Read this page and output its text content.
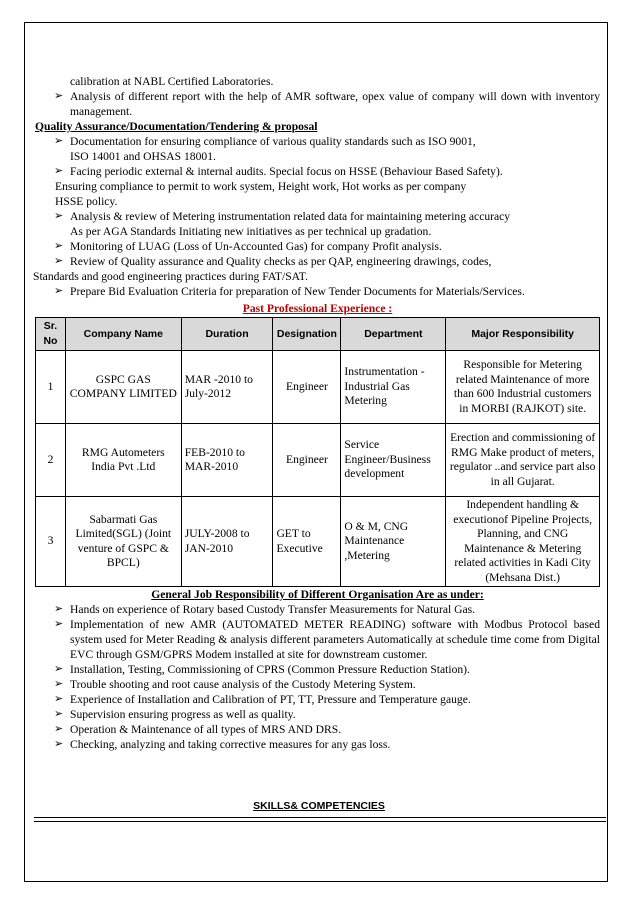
calibration at NABL Certified Laboratories.
➢ Analysis of different report with the help of AMR software, opex value of company will down with inventory management.
Quality Assurance/Documentation/Tendering & proposal
➢ Documentation for ensuring compliance of various quality standards such as ISO 9001,
ISO 14001 and OHSAS 18001.
➢ Facing periodic external & internal audits. Special focus on HSSE (Behaviour Based Safety).
Ensuring compliance to permit to work system, Height work, Hot works as per company
HSSE policy.
➢ Analysis & review of Metering instrumentation related data for maintaining metering accuracy
As per AGA Standards Initiating new initiatives as per technical up gradation.
➢ Monitoring of LUAG (Loss of Un-Accounted Gas) for company Profit analysis.
➢ Review of Quality assurance and Quality checks as per QAP, engineering drawings, codes,
Standards and good engineering practices during FAT/SAT.
➢ Prepare Bid Evaluation Criteria for preparation of New Tender Documents for Materials/Services.
Past Professional Experience :
Sr. No	Company Name	Duration	Designation	Department	Major Responsibility
1	GSPC GAS COMPANY LIMITED	MAR -2010 to July-2012	Engineer	Instrumentation - Industrial Gas Metering	Responsible for Metering related Maintenance of more than 600 Industrial customers in MORBI (RAJKOT) site.
2	RMG Autometers India Pvt .Ltd	FEB-2010 to MAR-2010	Engineer	Service Engineer/Business development	Erection and commissioning of RMG Make product of meters, regulator ..and service part also in all Gujarat.
3	Sabarmati Gas Limited(SGL) (Joint venture of GSPC & BPCL)	JULY-2008 to JAN-2010	GET to Executive	O & M, CNG Maintenance ,Metering	Independent handling & executionof Pipeline Projects, Planning, and CNG Maintenance & Metering related activities in Kadi City (Mehsana Dist.)
General Job Responsibility of Different Organisation Are as under:
➢ Hands on experience of Rotary based Custody Transfer Measurements for Natural Gas.
➢ Implementation of new AMR (AUTOMATED METER READING) software with Modbus Protocol based system used for Meter Reading & analysis different parameters Automatically at schedule time come from Digital EVC through GSM/GPRS Modem installed at site for downstream customer.
➢ Installation, Testing, Commissioning of CPRS (Common Pressure Reduction Station).
➢ Trouble shooting and root cause analysis of the Custody Metering System.
➢ Experience of Installation and Calibration of PT, TT, Pressure and Temperature gauge.
➢ Supervision ensuring progress as well as quality.
➢ Operation & Maintenance of all types of MRS AND DRS.
➢ Checking, analyzing and taking corrective measures for any gas loss.
SKILLS& COMPETENCIES
